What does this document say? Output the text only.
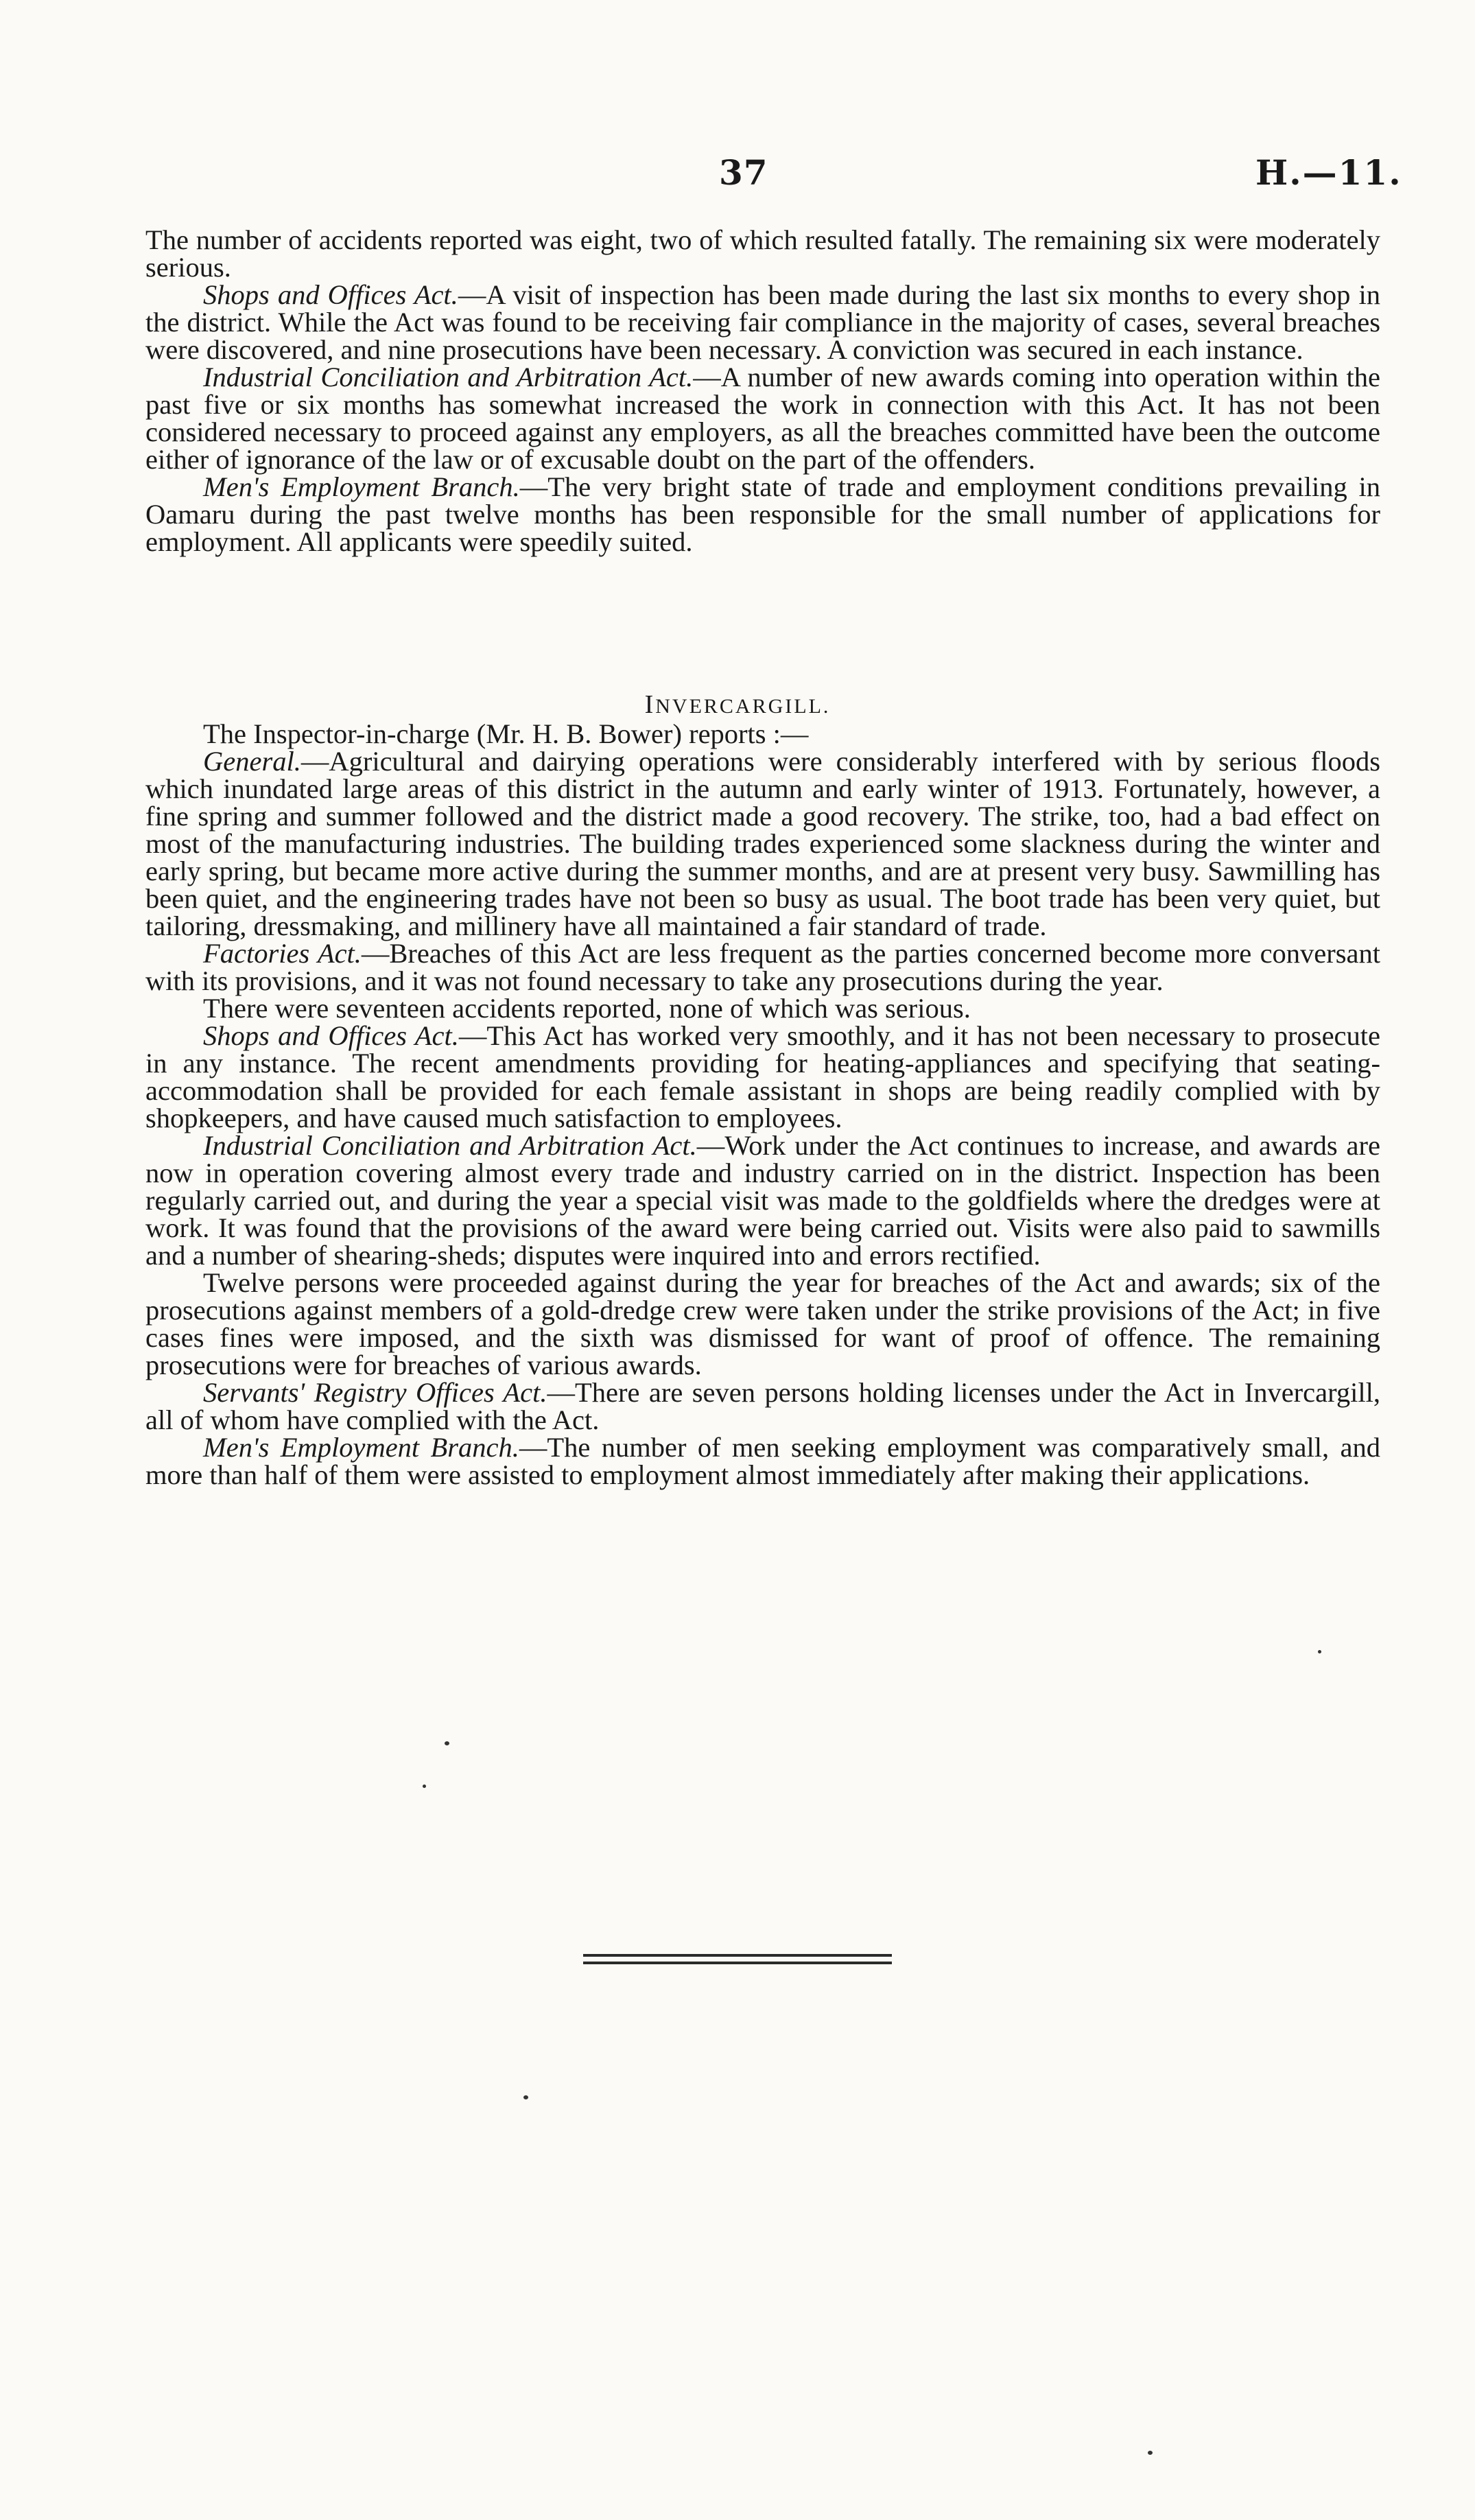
37	H.—11.

The number of accidents reported was eight, two of which resulted fatally. The remaining six were moderately serious.

Shops and Offices Act.—A visit of inspection has been made during the last six months to every shop in the district. While the Act was found to be receiving fair compliance in the majority of cases, several breaches were discovered, and nine prosecutions have been necessary. A conviction was secured in each instance.

Industrial Conciliation and Arbitration Act.—A number of new awards coming into operation within the past five or six months has somewhat increased the work in connection with this Act. It has not been considered necessary to proceed against any employers, as all the breaches committed have been the outcome either of ignorance of the law or of excusable doubt on the part of the offenders.

Men's Employment Branch.—The very bright state of trade and employment conditions prevailing in Oamaru during the past twelve months has been responsible for the small number of applications for employment. All applicants were speedily suited.

INVERCARGILL.

The Inspector-in-charge (Mr. H. B. Bower) reports :—

General.—Agricultural and dairying operations were considerably interfered with by serious floods which inundated large areas of this district in the autumn and early winter of 1913. Fortunately, however, a fine spring and summer followed and the district made a good recovery. The strike, too, had a bad effect on most of the manufacturing industries. The building trades experienced some slackness during the winter and early spring, but became more active during the summer months, and are at present very busy. Sawmilling has been quiet, and the engineering trades have not been so busy as usual. The boot trade has been very quiet, but tailoring, dressmaking, and millinery have all maintained a fair standard of trade.

Factories Act.—Breaches of this Act are less frequent as the parties concerned become more conversant with its provisions, and it was not found necessary to take any prosecutions during the year.

There were seventeen accidents reported, none of which was serious.

Shops and Offices Act.—This Act has worked very smoothly, and it has not been necessary to prosecute in any instance. The recent amendments providing for heating-appliances and specifying that seating-accommodation shall be provided for each female assistant in shops are being readily complied with by shopkeepers, and have caused much satisfaction to employees.

Industrial Conciliation and Arbitration Act.—Work under the Act continues to increase, and awards are now in operation covering almost every trade and industry carried on in the district. Inspection has been regularly carried out, and during the year a special visit was made to the goldfields where the dredges were at work. It was found that the provisions of the award were being carried out. Visits were also paid to sawmills and a number of shearing-sheds; disputes were inquired into and errors rectified.

Twelve persons were proceeded against during the year for breaches of the Act and awards; six of the prosecutions against members of a gold-dredge crew were taken under the strike provisions of the Act; in five cases fines were imposed, and the sixth was dismissed for want of proof of offence. The remaining prosecutions were for breaches of various awards.

Servants' Registry Offices Act.—There are seven persons holding licenses under the Act in Invercargill, all of whom have complied with the Act.

Men's Employment Branch.—The number of men seeking employment was comparatively small, and more than half of them were assisted to employment almost immediately after making their applications.
